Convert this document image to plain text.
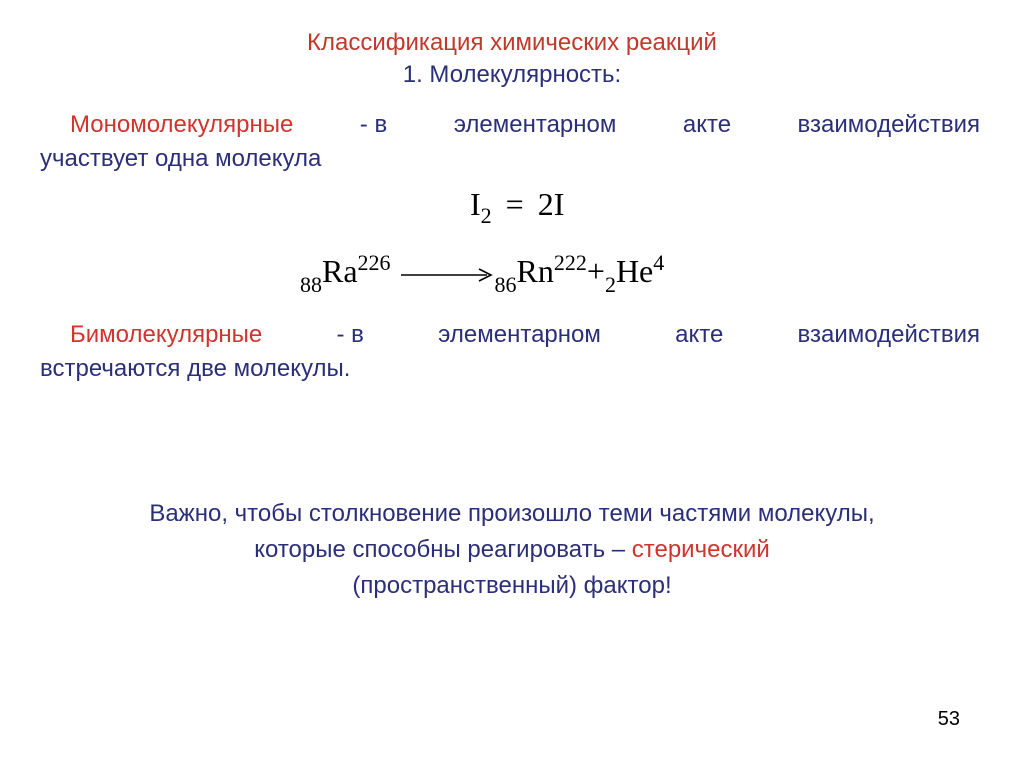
Классификация химических реакций
1. Молекулярность:
Мономолекулярные	- в	элементарном	акте	взаимодействия
участвует одна молекула
$I_2 = 2I$
$_{88}Ra^{226} \to _{86}Rn^{222}+_2He^4$
Бимолекулярные	- в	элементарном	акте	взаимодействия
встречаются две молекулы.
Важно, чтобы столкновение произошло теми частями молекулы,
которые способны реагировать – стерический
(пространственный) фактор!
53
